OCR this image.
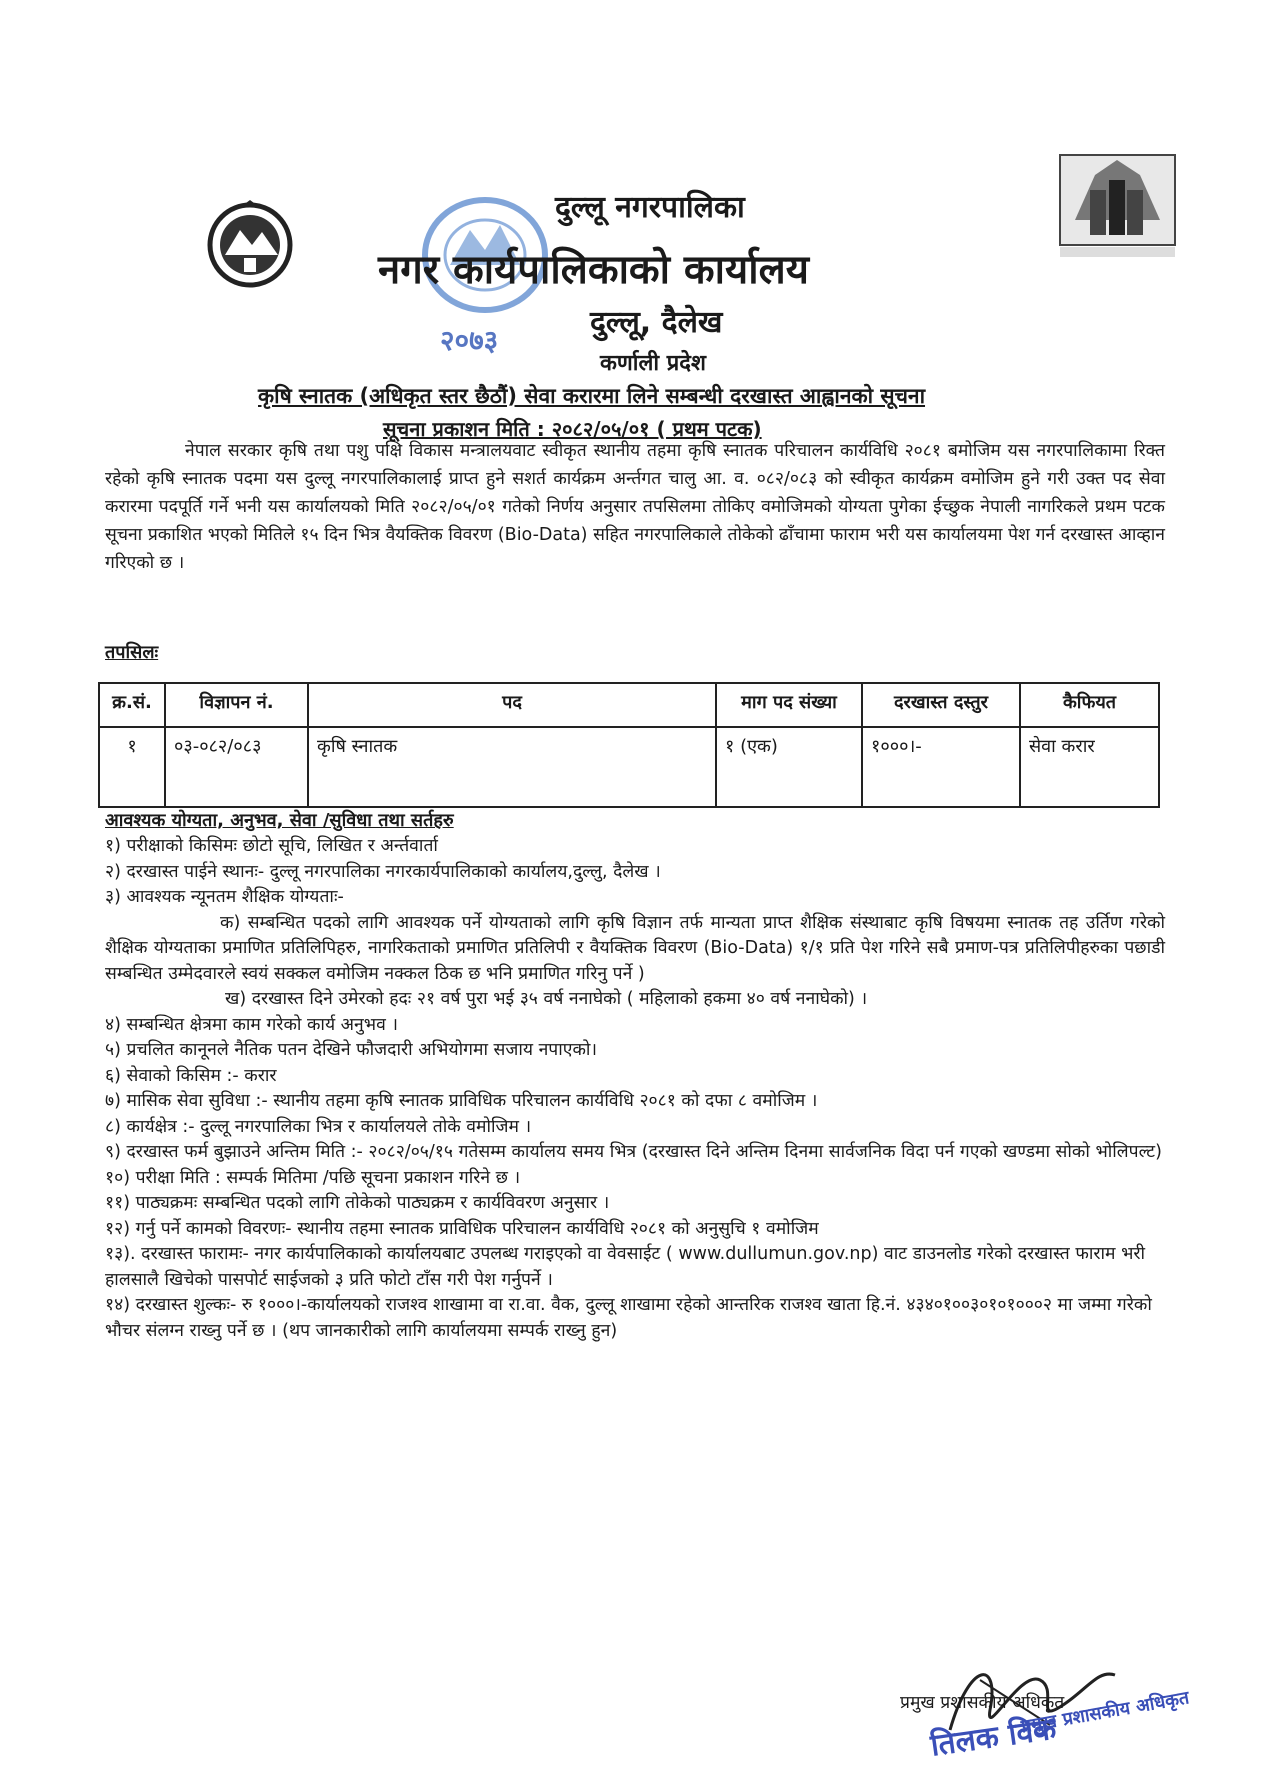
२०७३
दुल्लू नगरपालिका
नगर कार्यपालिकाको कार्यालय
दुल्लू, दैलेख
कर्णाली प्रदेश
कृषि स्नातक (अधिकृत स्तर छैठौं) सेवा करारमा लिने सम्बन्धी दरखास्त आह्वानको सूचना
सूचना प्रकाशन मिति : २०८२/०५/०१ ( प्रथम पटक)
नेपाल सरकार कृषि तथा पशु पक्षि विकास मन्त्रालयवाट स्वीकृत स्थानीय तहमा कृषि स्नातक परिचालन कार्यविधि २०८१ बमोजिम यस नगरपालिकामा रिक्त रहेको कृषि स्नातक पदमा यस दुल्लू नगरपालिकालाई प्राप्त हुने सशर्त कार्यक्रम अर्न्तगत चालु आ. व. ०८२/०८३ को स्वीकृत कार्यक्रम वमोजिम हुने गरी उक्त पद सेवा करारमा पदपूर्ति गर्ने भनी यस कार्यालयको मिति २०८२/०५/०१ गतेको निर्णय अनुसार तपसिलमा तोकिए वमोजिमको योग्यता पुगेका ईच्छुक नेपाली नागरिकले प्रथम पटक सूचना प्रकाशित भएको मितिले १५ दिन भित्र वैयक्तिक विवरण (Bio-Data) सहित नगरपालिकाले तोकेको ढाँचामा फाराम भरी यस कार्यालयमा पेश गर्न दरखास्त आव्हान गरिएको छ ।
तपसिलः
क्र.सं.	विज्ञापन नं.	पद	माग पद संख्या	दरखास्त दस्तुर	कैफियत
१	०३-०८२/०८३	कृषि स्नातक	१ (एक)	१०००।-	सेवा करार
आवश्यक योग्यता, अनुभव, सेवा /सुविधा तथा सर्तहरु
१) परीक्षाको किसिमः छोटो सूचि, लिखित र अर्न्तवार्ता
२) दरखास्त पाईने स्थानः- दुल्लू नगरपालिका नगरकार्यपालिकाको कार्यालय,दुल्लु, दैलेख ।
३) आवश्यक न्यूनतम शैक्षिक योग्यताः-
क) सम्बन्धित पदको लागि आवश्यक पर्ने योग्यताको लागि कृषि विज्ञान तर्फ मान्यता प्राप्त शैक्षिक संस्थाबाट कृषि विषयमा स्नातक तह उर्तिण गरेको शैक्षिक योग्यताका प्रमाणित प्रतिलिपिहरु, नागरिकताको प्रमाणित प्रतिलिपी र वैयक्तिक विवरण (Bio-Data) १/१ प्रति पेश गरिने सबै प्रमाण-पत्र प्रतिलिपीहरुका पछाडी सम्बन्धित उम्मेदवारले स्वयं सक्कल वमोजिम नक्कल ठिक छ भनि प्रमाणित गरिनु पर्ने )
ख) दरखास्त दिने उमेरको हदः २१ वर्ष पुरा भई ३५ वर्ष ननाघेको ( महिलाको हकमा ४० वर्ष ननाघेको) ।
४) सम्बन्धित क्षेत्रमा काम गरेको कार्य अनुभव ।
५) प्रचलित कानूनले नैतिक पतन देखिने फौजदारी अभियोगमा सजाय नपाएको।
६) सेवाको किसिम :- करार
७) मासिक सेवा सुविधा :- स्थानीय तहमा कृषि स्नातक प्राविधिक परिचालन कार्यविधि २०८१ को दफा ८ वमोजिम ।
८) कार्यक्षेत्र :- दुल्लू नगरपालिका भित्र र कार्यालयले तोके वमोजिम ।
९) दरखास्त फर्म बुझाउने अन्तिम मिति :- २०८२/०५/१५ गतेसम्म कार्यालय समय भित्र (दरखास्त दिने अन्तिम दिनमा सार्वजनिक विदा पर्न गएको खण्डमा सोको भोलिपल्ट)
१०) परीक्षा मिति : सम्पर्क मितिमा /पछि सूचना प्रकाशन गरिने छ ।
११) पाठ्यक्रमः सम्बन्धित पदको लागि तोकेको पाठ्यक्रम र कार्यविवरण अनुसार ।
१२) गर्नु पर्ने कामको विवरणः- स्थानीय तहमा स्नातक प्राविधिक परिचालन कार्यविधि २०८१ को अनुसुचि १ वमोजिम
१३). दरखास्त फारामः- नगर कार्यपालिकाको कार्यालयबाट उपलब्ध गराइएको वा वेवसाईट ( www.dullumun.gov.np) वाट डाउनलोड गरेको दरखास्त फाराम भरी हालसालै खिचेको पासपोर्ट साईजको ३ प्रति फोटो टाँस गरी पेश गर्नुपर्ने ।
१४) दरखास्त शुल्कः- रु १०००।-कार्यालयको राजश्व शाखामा वा रा.वा. वैक, दुल्लू शाखामा रहेको आन्तरिक राजश्व खाता हि.नं. ४३४०१००३०१०१०००२ मा जम्मा गरेको भौचर संलग्न राख्नु पर्ने छ । (थप जानकारीको लागि कार्यालयमा सम्पर्क राख्नु हुन)
प्रमुख प्रशासकीय अधिकृत
तिलक विक
प्रमुख प्रशासकीय अधिकृत
